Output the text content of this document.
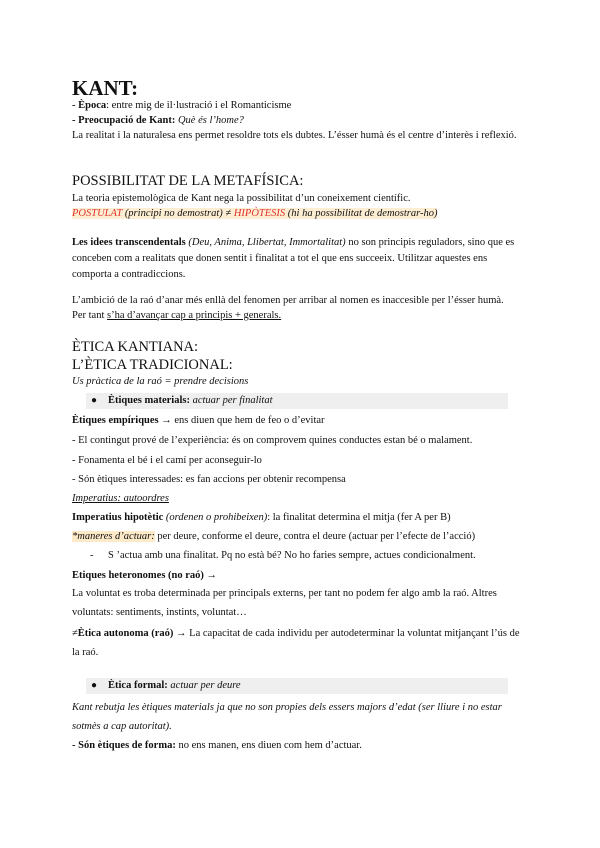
KANT:
- Època: entre mig de il·lustració i el Romanticisme
- Preocupació de Kant: Què és l’home?
La realitat i la naturalesa ens permet resoldre tots els dubtes. L’ésser humà és el centre d’interès i reflexió.
POSSIBILITAT DE LA METAFÍSICA:
La teoria epistemològica de Kant nega la possibilitat d’un coneixement científic.
POSTULAT (principi no demostrat) ≠ HIPÒTESIS (hi ha possibilitat de demostrar-ho)
Les idees transcendentals (Deu, Anima, Llibertat, Immortalitat) no son principis reguladors, sino que es conceben com a realitats que donen sentit i finalitat a tot el que ens succeeix. Utilitzar aquestes ens comporta a contradiccions.
L’ambició de la raó d’anar més enllà del fenomen per arribar al nomen es inaccesible per l’ésser humà.
Per tant s’ha d’avançar cap a principis + generals.
ÈTICA KANTIANA:
L’ÈTICA TRADICIONAL:
Us pràctica de la raó = prendre decisions
● Ètiques materials: actuar per finalitat
Ètiques empíriques → ens diuen que hem de feo o d’evitar
- El contingut prové de l’experiència: és on comprovem quines conductes estan bé o malament.
- Fonamenta el bé i el camí per aconseguir-lo
- Són ètiques interessades: es fan accions per obtenir recompensa
Imperatius: autoordres
Imperatius hipotètic (ordenen o prohibeixen): la finalitat determina el mitja (fer A per B)
*maneres d’actuar: per deure, conforme el deure, contra el deure (actuar per l’efecte de l’acció)
- S ’actua amb una finalitat. Pq no està bé? No ho faries sempre, actues condicionalment.
Etiques heteronomes (no raó) →
La voluntat es troba determinada per principals externs, per tant no podem fer algo amb la raó. Altres voluntats: sentiments, instints, voluntat…
≠Ètica autonoma (raó) → La capacitat de cada individu per autodeterminar la voluntat mitjançant l’ús de la raó.
● Ètica formal: actuar per deure
Kant rebutja les ètiques materials ja que no son propies dels essers majors d’edat (ser lliure i no estar sotmès a cap autoritat).
- Són ètiques de forma: no ens manen, ens diuen com hem d’actuar.
